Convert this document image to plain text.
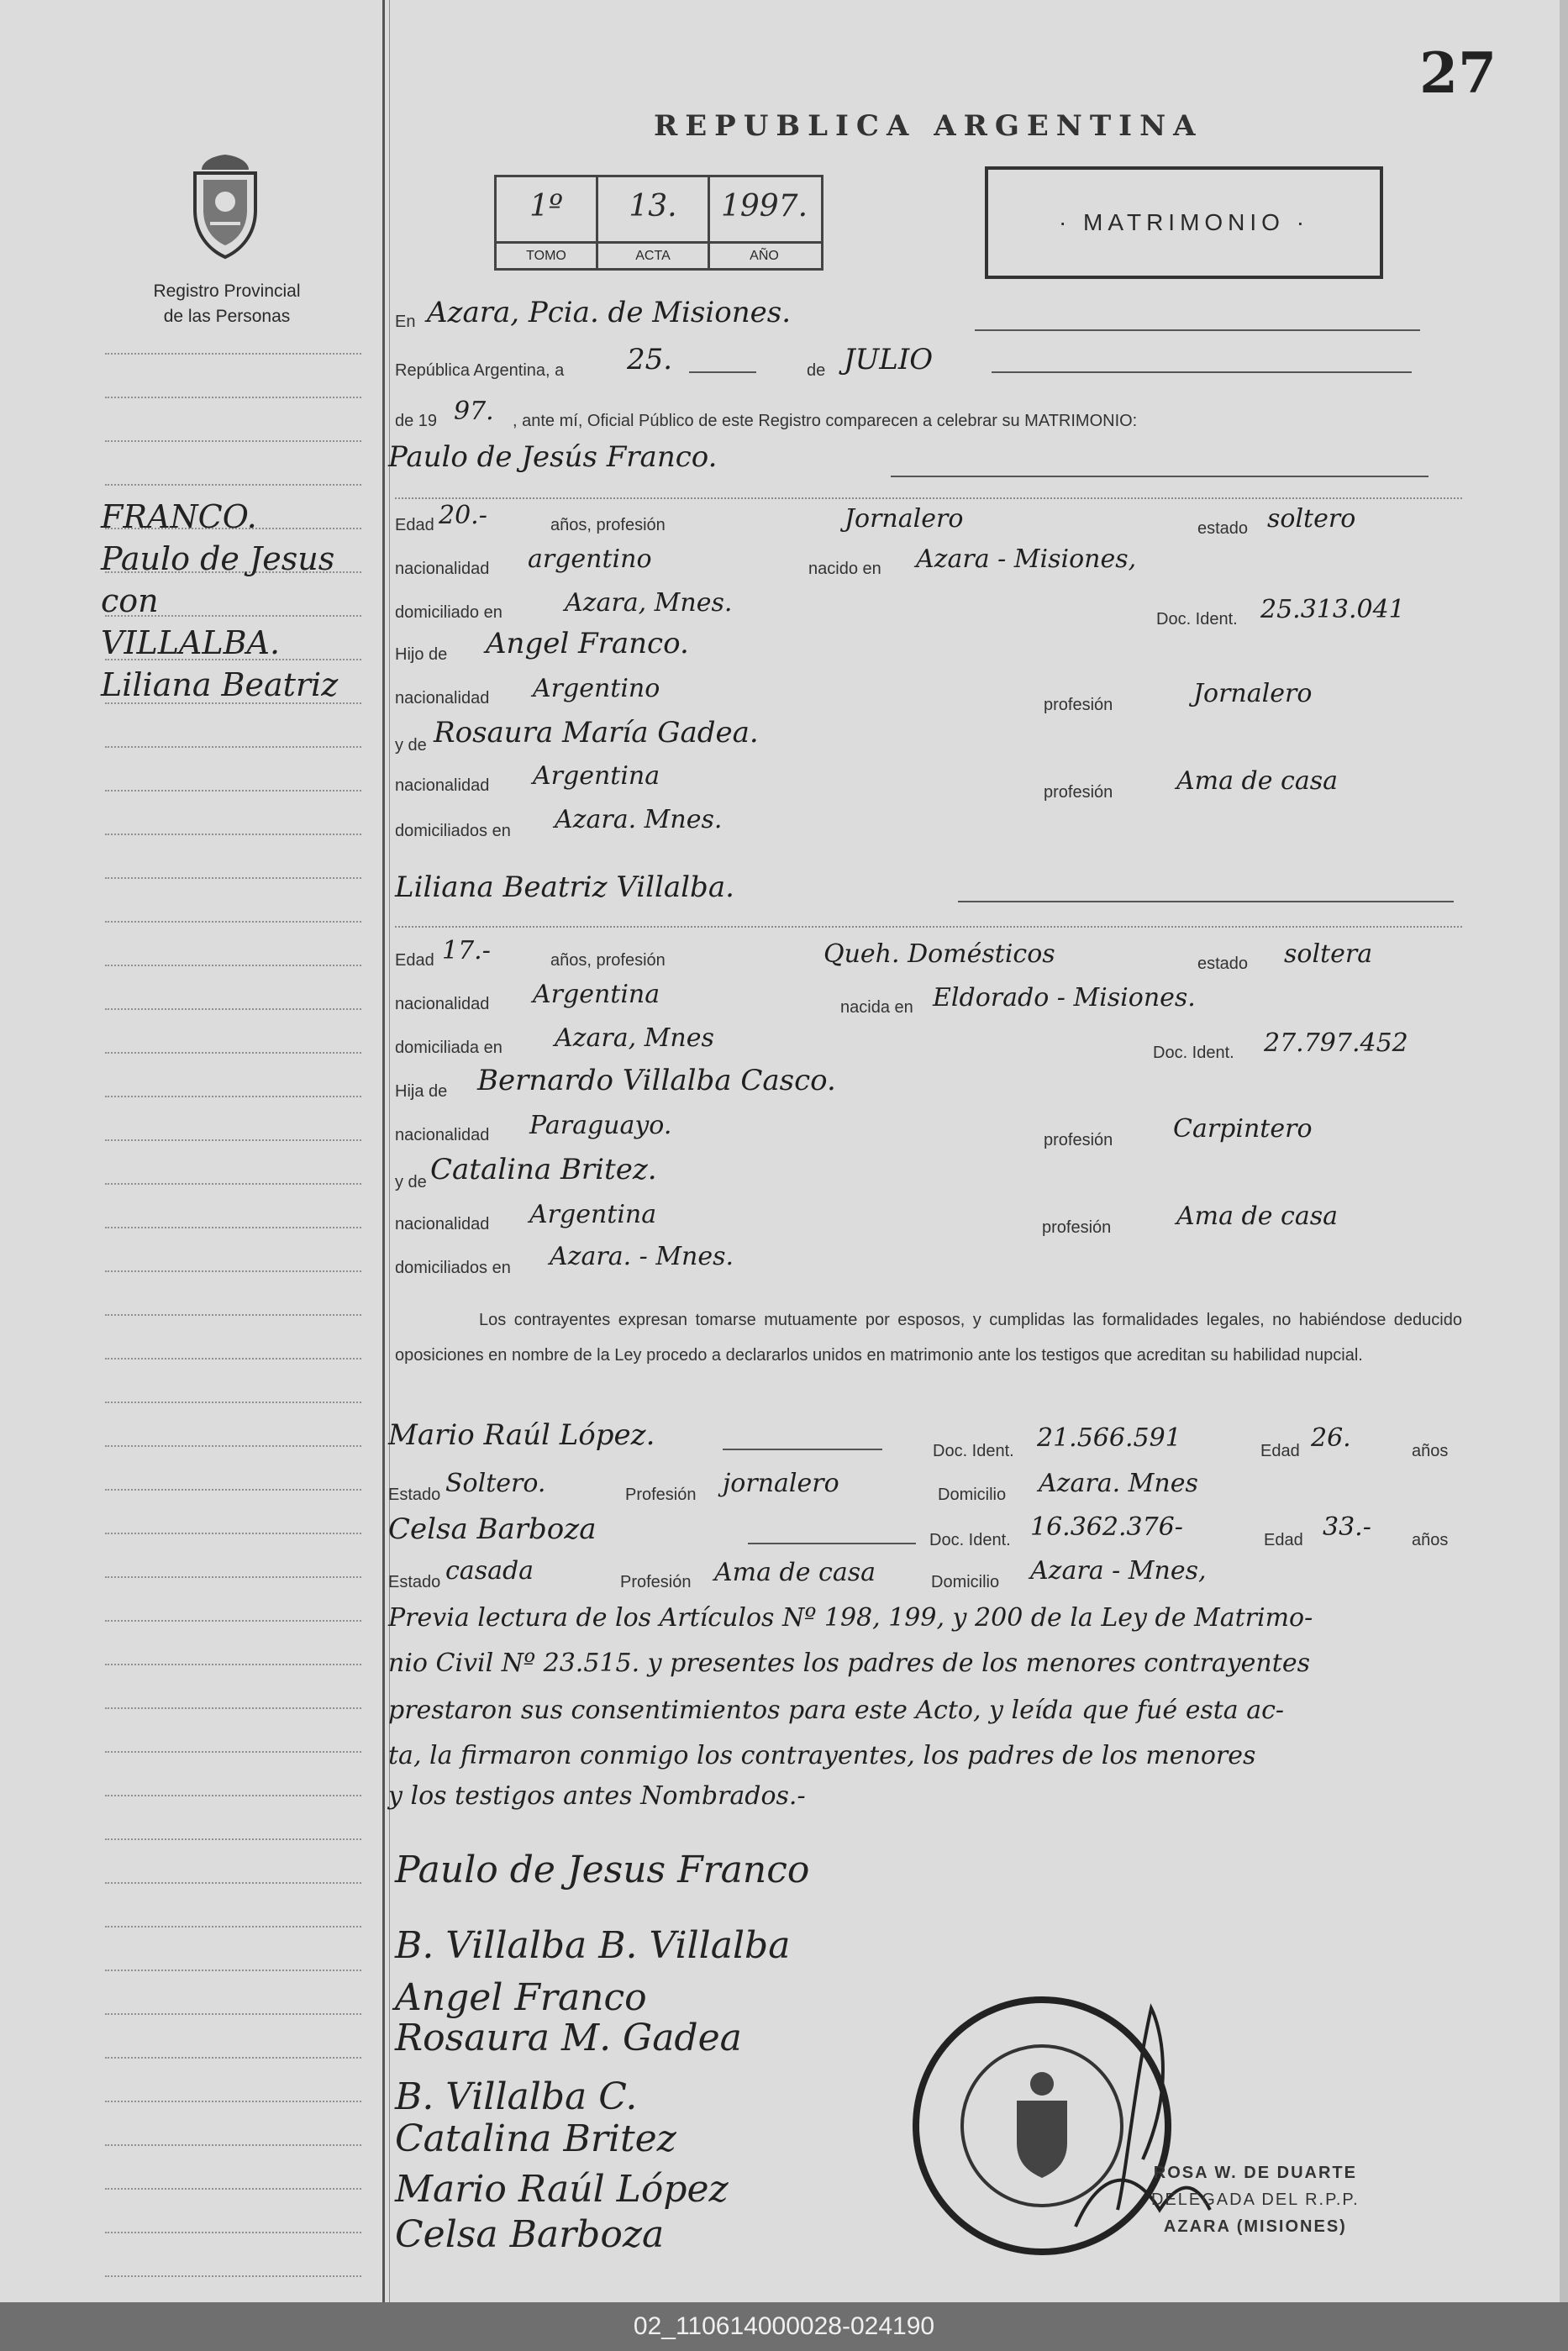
27
REPUBLICA ARGENTINA
Registro Provincial
de las Personas
1º	13.	1997.
TOMO	ACTA	AÑO
· MATRIMONIO ·
FRANCO.
Paulo de Jesus
con
VILLALBA.
Liliana Beatriz
En Azara, Pcia. de Misiones.
República Argentina, a 25.	de JULIO
de 19 97. , ante mí, Oficial Público de este Registro comparecen a celebrar su MATRIMONIO:
Paulo de Jesús Franco.
Edad 20.-	años, profesión	Jornalero	estado soltero
nacionalidad argentino	nacido en Azara - Misiones,
domiciliado en Azara, Mnes.
Doc. Ident. 25.313.041
Hijo de Angel Franco.
nacionalidad Argentino
profesión	Jornalero
y de Rosaura María Gadea.
nacionalidad Argentina
profesión	Ama de casa
domiciliados en Azara. Mnes.
Liliana Beatriz Villalba.
Edad 17.-	años, profesión	Queh. Domésticos	estado soltera
nacionalidad Argentina	nacida en Eldorado - Misiones.
domiciliada en Azara, Mnes	Doc. Ident. 27.797.452
Hija de Bernardo Villalba Casco.
nacionalidad Paraguayo.	profesión Carpintero
y de Catalina Britez.
nacionalidad Argentina	profesión	Ama de casa
domiciliados en Azara. - Mnes.
Los contrayentes expresan tomarse mutuamente por esposos, y cumplidas las formalidades legales, no habiéndose deducido oposiciones en nombre de la Ley procedo a declararlos unidos en matrimonio ante los testigos que acreditan su habilidad nupcial.
Mario Raúl López.	Doc. Ident. 21.566.591	Edad 26.	años
Estado Soltero.	Profesión jornalero	Domicilio Azara. Mnes
Celsa Barboza	Doc. Ident. 16.362.376-	Edad 33.- años
Estado casada	Profesión Ama de casa	Domicilio Azara - Mnes,
Previa lectura de los Artículos Nº 198, 199, y 200 de la Ley de Matrimo-
nio Civil Nº 23.515. y presentes los padres de los menores contrayentes
prestaron sus consentimientos para este Acto, y leída que fué esta ac-
ta, la firmaron conmigo los contrayentes, los padres de los menores
y los testigos antes Nombrados.-
Paulo de Jesus Franco
B. Villalba B. Villalba
Angel Franco
Rosaura M. Gadea
B. Villalba C.
Catalina Britez
Mario Raúl López
Celsa Barboza
ROSA W. DE DUARTE
DELEGADA DEL R.P.P.
AZARA (MISIONES)
02_110614000028-024190
